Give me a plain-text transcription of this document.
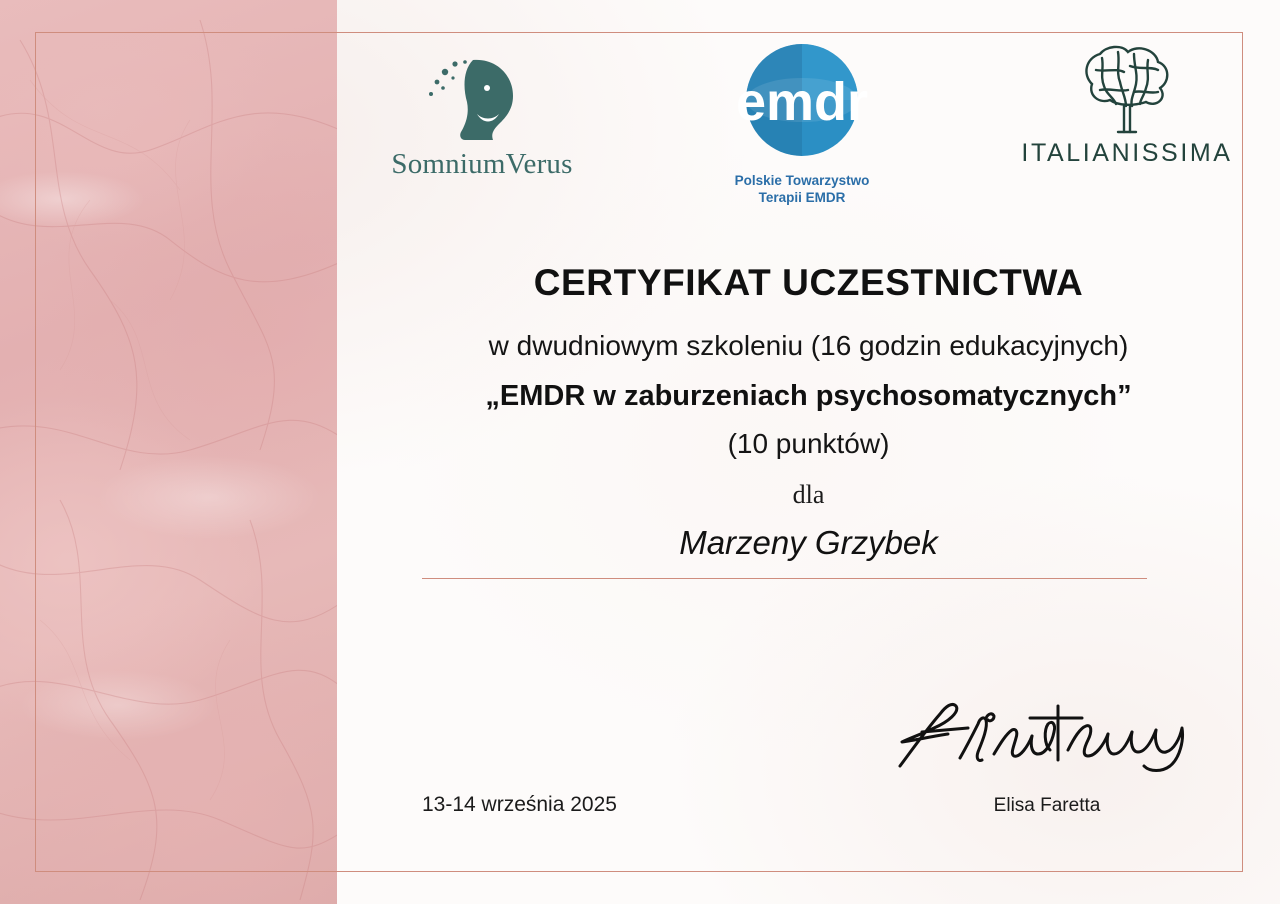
SomniumVerus
emdr
Polskie Towarzystwo
Terapii EMDR
ITALIANISSIMA
CERTYFIKAT UCZESTNICTWA
w dwudniowym szkoleniu (16 godzin edukacyjnych)
„EMDR w zaburzeniach psychosomatycznych”
(10 punktów)
dla
Marzeny Grzybek
Elisa Faretta
13-14 września 2025
